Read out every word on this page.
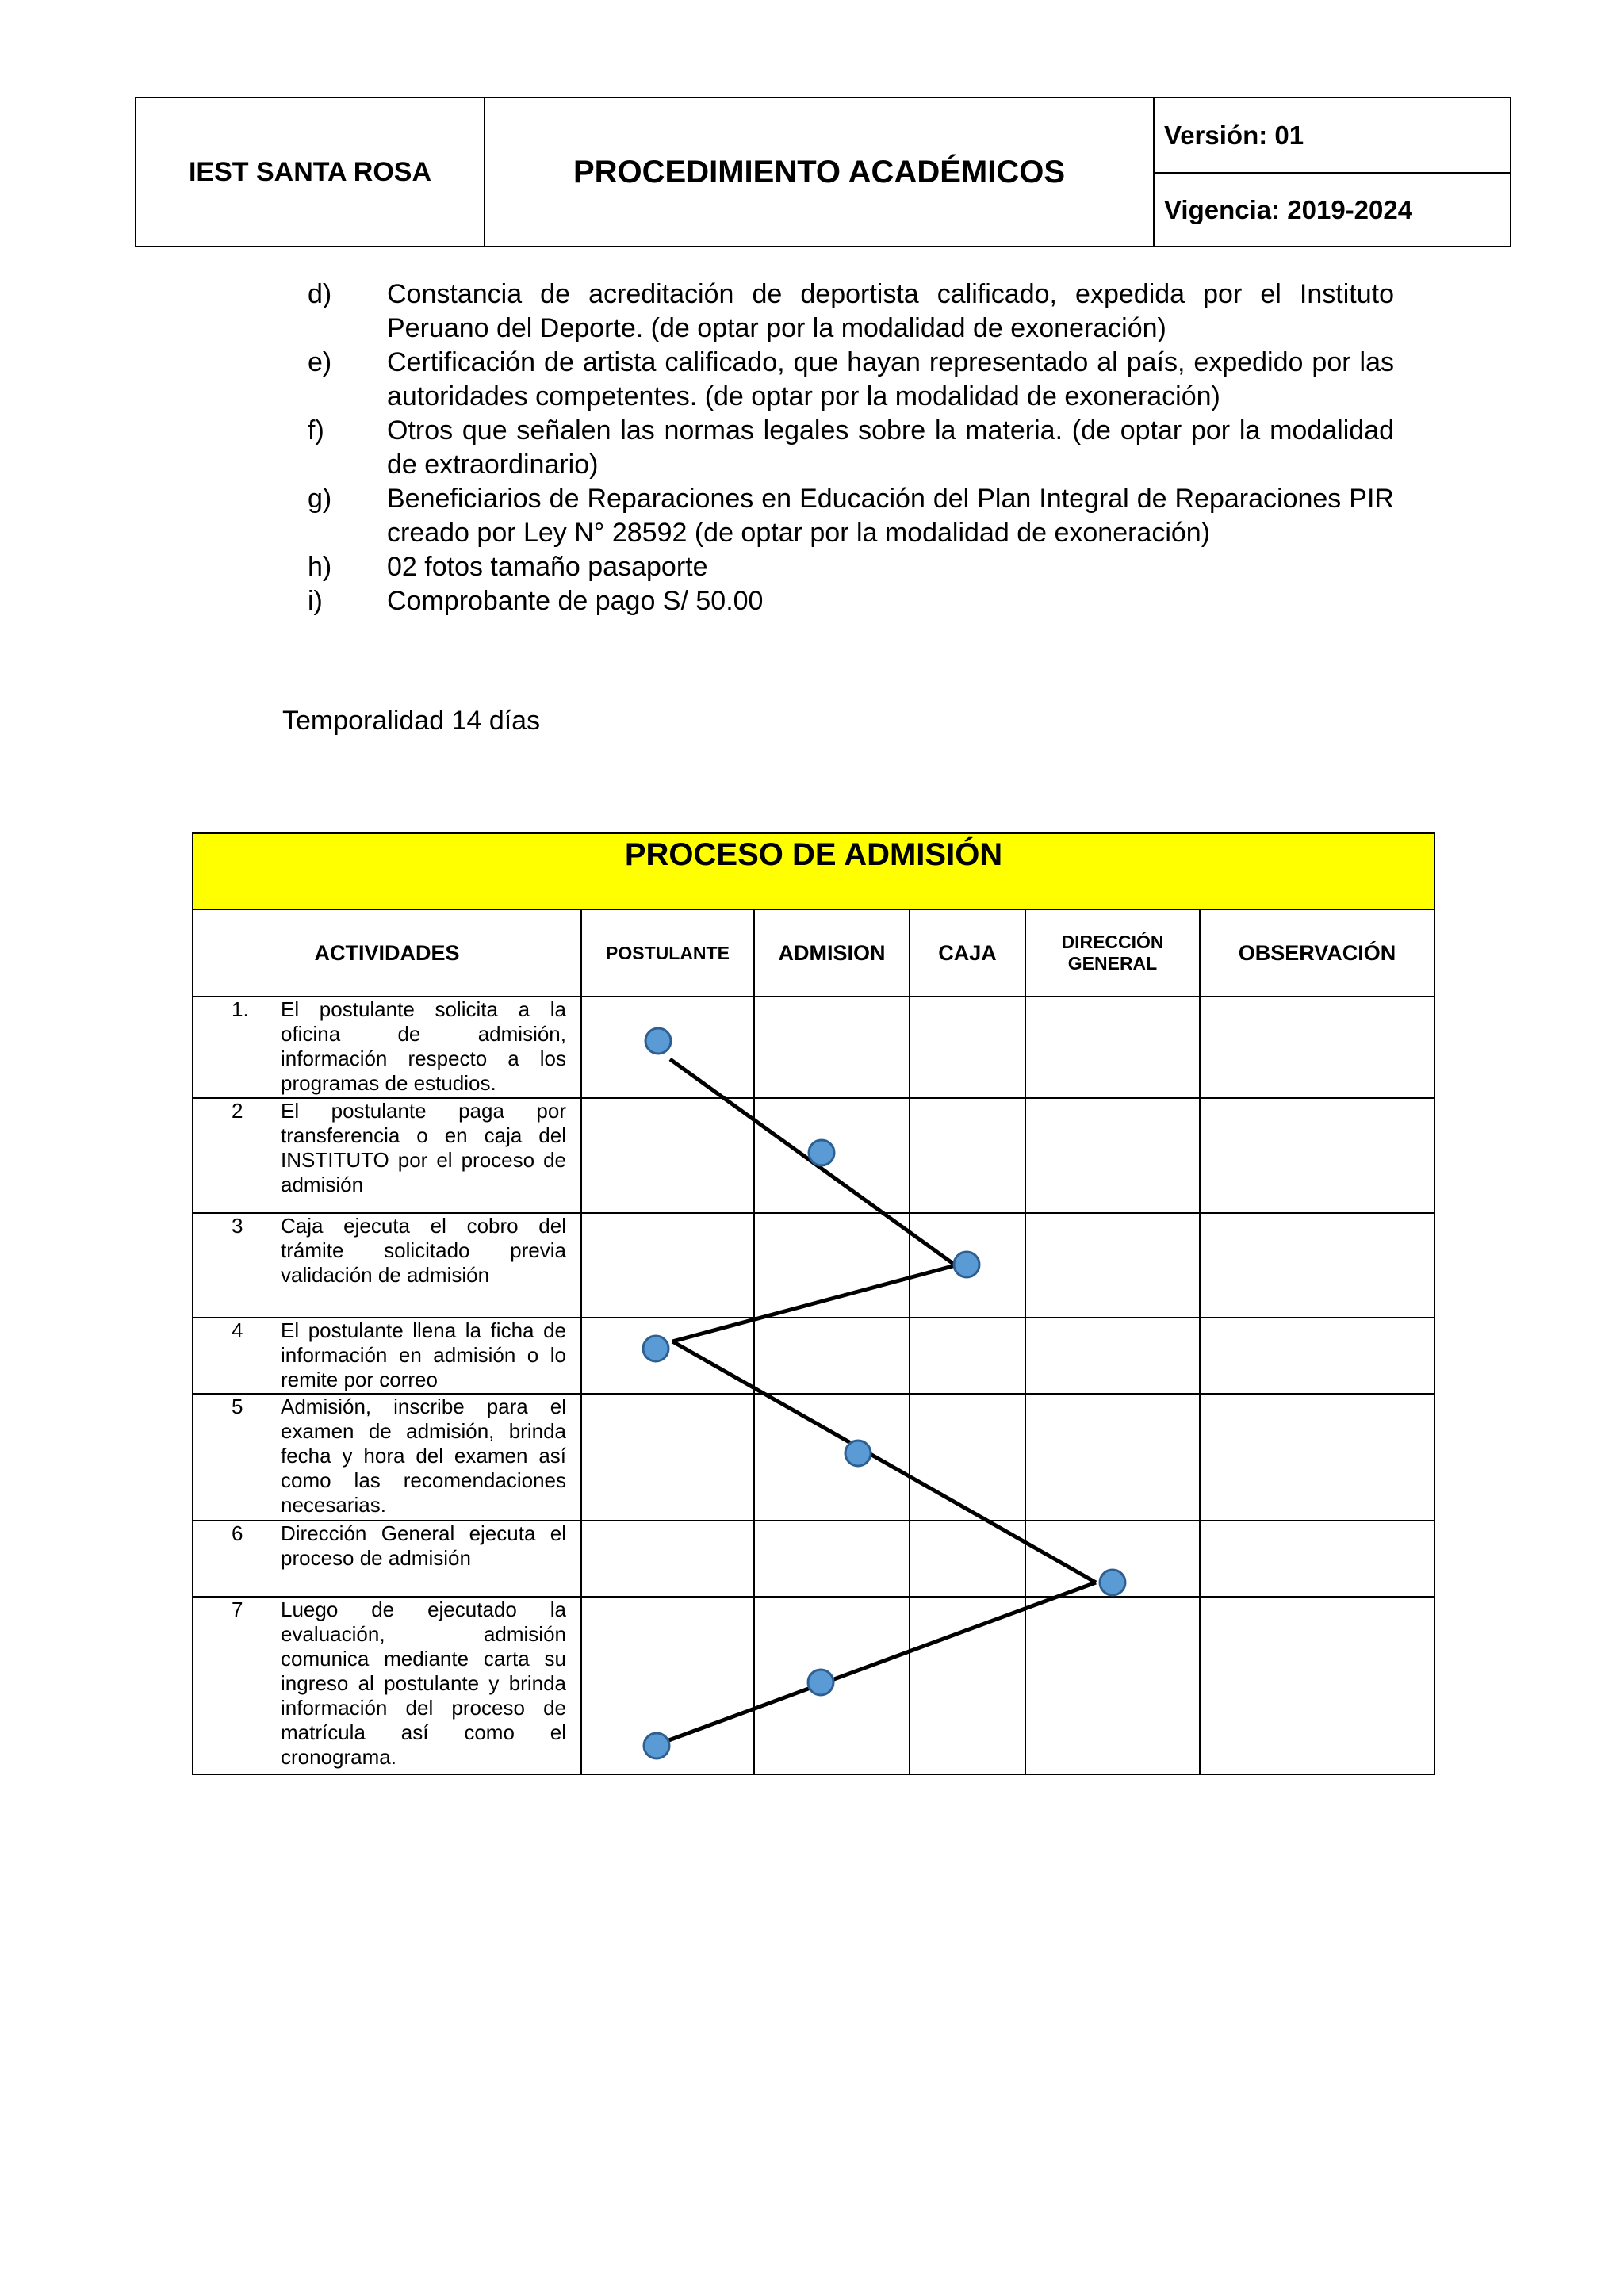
IEST SANTA ROSA	PROCEDIMIENTO ACADÉMICOS
Versión: 01
Vigencia: 2019-2024
d) Constancia de acreditación de deportista calificado, expedida por el Instituto Peruano del Deporte. (de optar por la modalidad de exoneración)
e) Certificación de artista calificado, que hayan representado al país, expedido por las autoridades competentes. (de optar por la modalidad de exoneración)
f) Otros que señalen las normas legales sobre la materia. (de optar por la modalidad de extraordinario)
g) Beneficiarios de Reparaciones en Educación del Plan Integral de Reparaciones PIR creado por Ley N° 28592 (de optar por la modalidad de exoneración)
h) 02 fotos tamaño pasaporte
i) Comprobante de pago S/ 50.00
Temporalidad 14 días
PROCESO DE ADMISIÓN					
ACTIVIDADES	POSTULANTE	ADMISION	CAJA	DIRECCIÓN GENERAL	OBSERVACIÓN

1. El postulante solicita a la oficina de admisión, información respecto a los programas de estudios.					

2 El postulante paga por transferencia o en caja del INSTITUTO por el proceso de admisión					

3 Caja ejecuta el cobro del trámite solicitado previa validación de admisión					

4 El postulante llena la ficha de información en admisión o lo remite por correo					

5 Admisión, inscribe para el examen de admisión, brinda fecha y hora del examen así como las recomendaciones necesarias.					

6 Dirección General ejecuta el proceso de admisión					

7 Luego de ejecutado la evaluación, admisión comunica mediante carta su ingreso al postulante y brinda información del proceso de matrícula así como el cronograma.					
